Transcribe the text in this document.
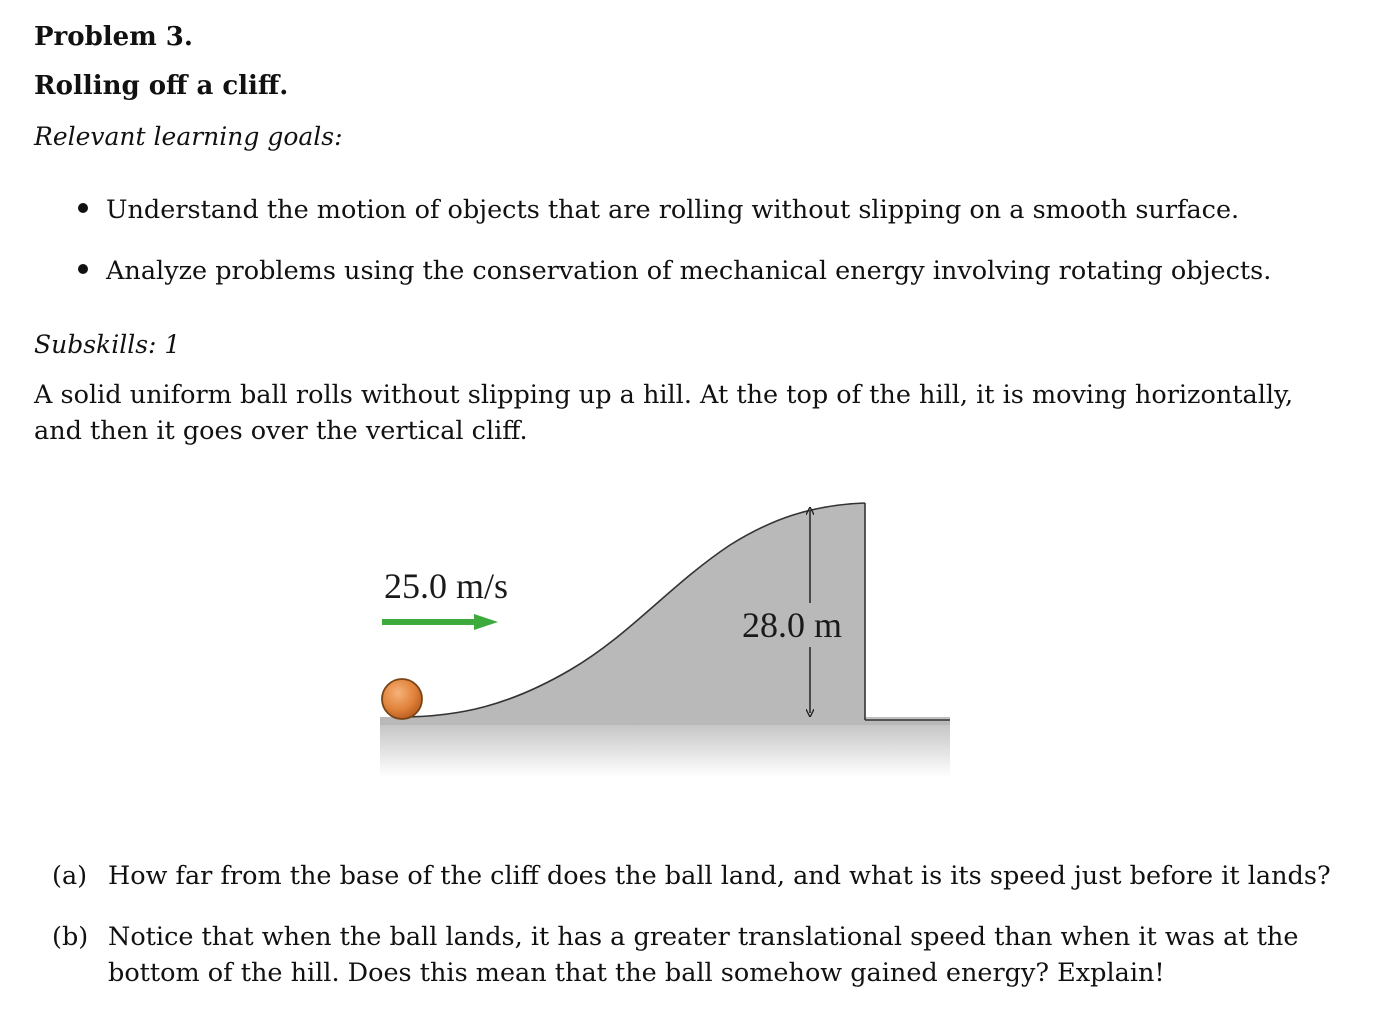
Problem 3.
Rolling off a cliff.
Relevant learning goals:
Understand the motion of objects that are rolling without slipping on a smooth surface.
Analyze problems using the conservation of mechanical energy involving rotating objects.
Subskills: 1
A solid uniform ball rolls without slipping up a hill. At the top of the hill, it is moving horizontally,
and then it goes over the vertical cliff.
28.0 m
25.0 m/s
(a) How far from the base of the cliff does the ball land, and what is its speed just before it lands?
(b) Notice that when the ball lands, it has a greater translational speed than when it was at the
bottom of the hill. Does this mean that the ball somehow gained energy? Explain!
